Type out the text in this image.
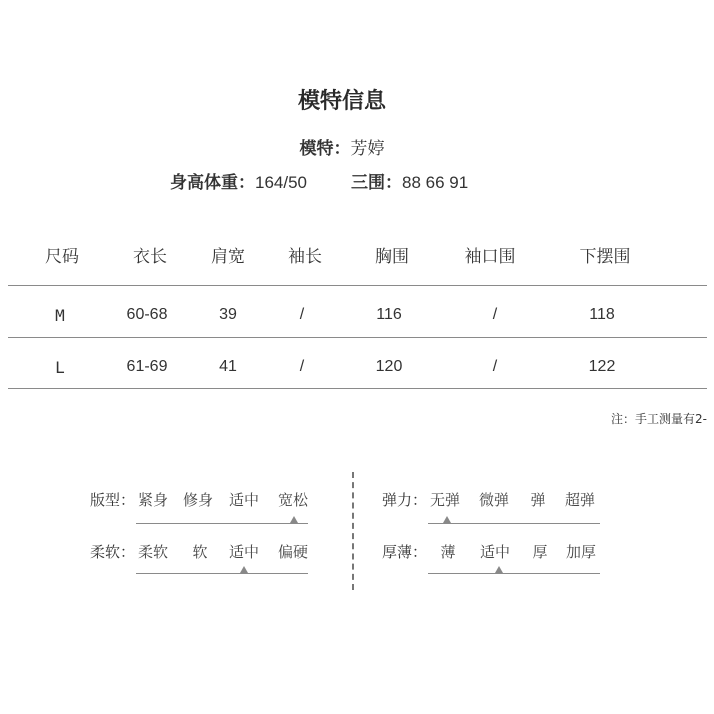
模特信息
模特：芳婷
身高体重：164/50	三围：88 66 91
尺码	衣长	肩宽	袖长	胸围	袖口围	下摆围
M	60-68	39	/	116	/	118
L	61-69	41	/	120	/	122
注：手工测量有2-
版型： 紧身 修身 适中 宽松
柔软： 柔软 软 适中 偏硬
弹力： 无弹 微弹 弹 超弹
厚薄： 薄 适中 厚 加厚
